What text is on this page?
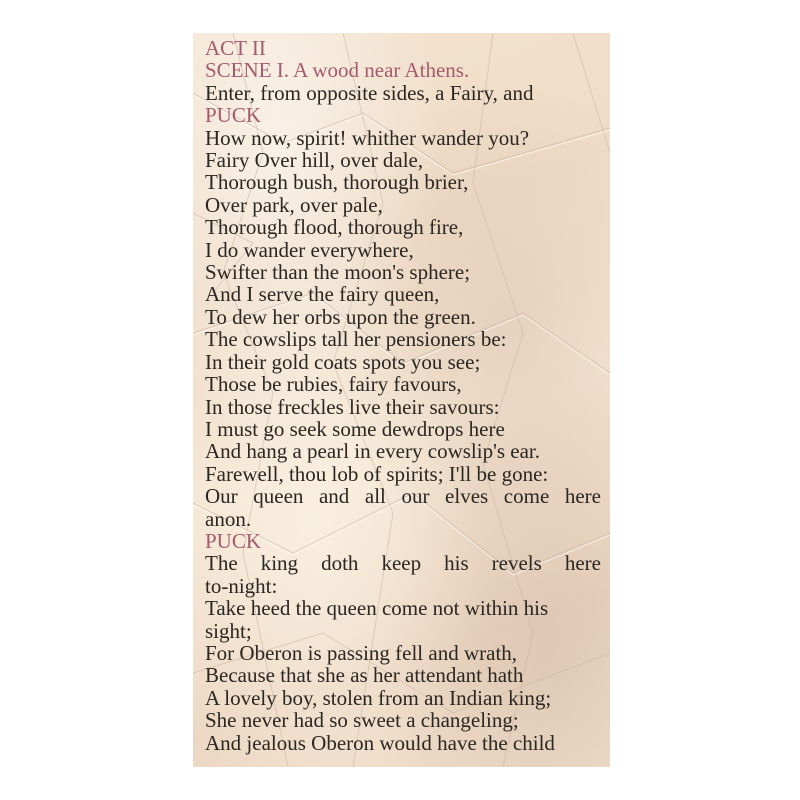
ACT II
SCENE I. A wood near Athens.
Enter, from opposite sides, a Fairy, and
PUCK
How now, spirit! whither wander you?
Fairy Over hill, over dale,
Thorough bush, thorough brier,
Over park, over pale,
Thorough flood, thorough fire,
I do wander everywhere,
Swifter than the moon's sphere;
And I serve the fairy queen,
To dew her orbs upon the green.
The cowslips tall her pensioners be:
In their gold coats spots you see;
Those be rubies, fairy favours,
In those freckles live their savours:
I must go seek some dewdrops here
And hang a pearl in every cowslip's ear.
Farewell, thou lob of spirits; I'll be gone:
Our queen and all our elves come here
anon.
PUCK
The king doth keep his revels here
to-night:
Take heed the queen come not within his
sight;
For Oberon is passing fell and wrath,
Because that she as her attendant hath
A lovely boy, stolen from an Indian king;
She never had so sweet a changeling;
And jealous Oberon would have the child
